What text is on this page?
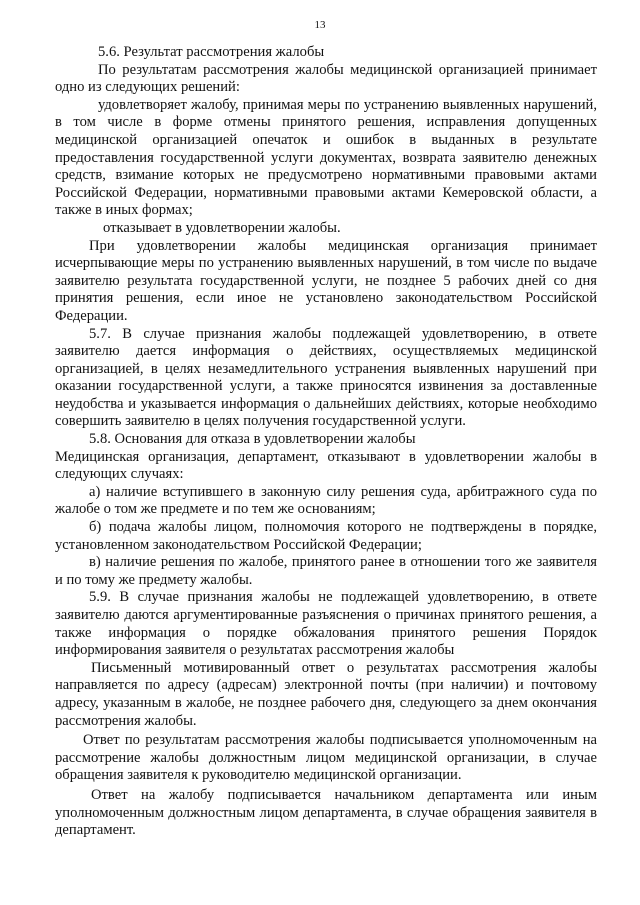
13

5.6. Результат рассмотрения жалобы

По результатам рассмотрения жалобы медицинской организацией принимает одно из следующих решений:

удовлетворяет жалобу, принимая меры по устранению выявленных нарушений, в том числе в форме отмены принятого решения, исправления допущенных медицинской организацией опечаток и ошибок в выданных в результате предоставления государственной услуги документах, возврата заявителю денежных средств, взимание которых не предусмотрено нормативными правовыми актами Российской Федерации, нормативными правовыми актами Кемеровской области, а также в иных формах;

отказывает в удовлетворении жалобы.

При удовлетворении жалобы медицинская организация принимает исчерпывающие меры по устранению выявленных нарушений, в том числе по выдаче заявителю результата государственной услуги, не позднее 5 рабочих дней со дня принятия решения, если иное не установлено законодательством Российской Федерации.

5.7. В случае признания жалобы подлежащей удовлетворению, в ответе заявителю дается информация о действиях, осуществляемых медицинской организацией, в целях незамедлительного устранения выявленных нарушений при оказании государственной услуги, а также приносятся извинения за доставленные неудобства и указывается информация о дальнейших действиях, которые необходимо совершить заявителю в целях получения государственной услуги.

5.8. Основания для отказа в удовлетворении жалобы

Медицинская организация, департамент, отказывают в удовлетворении жалобы в следующих случаях:

а) наличие вступившего в законную силу решения суда, арбитражного суда по жалобе о том же предмете и по тем же основаниям;

б) подача жалобы лицом, полномочия которого не подтверждены в порядке, установленном законодательством Российской Федерации;

в) наличие решения по жалобе, принятого ранее в отношении того же заявителя и по тому же предмету жалобы.

5.9. В случае признания жалобы не подлежащей удовлетворению, в ответе заявителю даются аргументированные разъяснения о причинах принятого решения, а также информация о порядке обжалования принятого решения Порядок информирования заявителя о результатах рассмотрения жалобы

Письменный мотивированный ответ о результатах рассмотрения жалобы направляется по адресу (адресам) электронной почты (при наличии) и почтовому адресу, указанным в жалобе, не позднее рабочего дня, следующего за днем окончания рассмотрения жалобы.

Ответ по результатам рассмотрения жалобы подписывается уполномоченным на рассмотрение жалобы должностным лицом медицинской организации, в случае обращения заявителя к руководителю медицинской организации.

Ответ на жалобу подписывается начальником департамента или иным уполномоченным должностным лицом департамента, в случае обращения заявителя в департамент.
